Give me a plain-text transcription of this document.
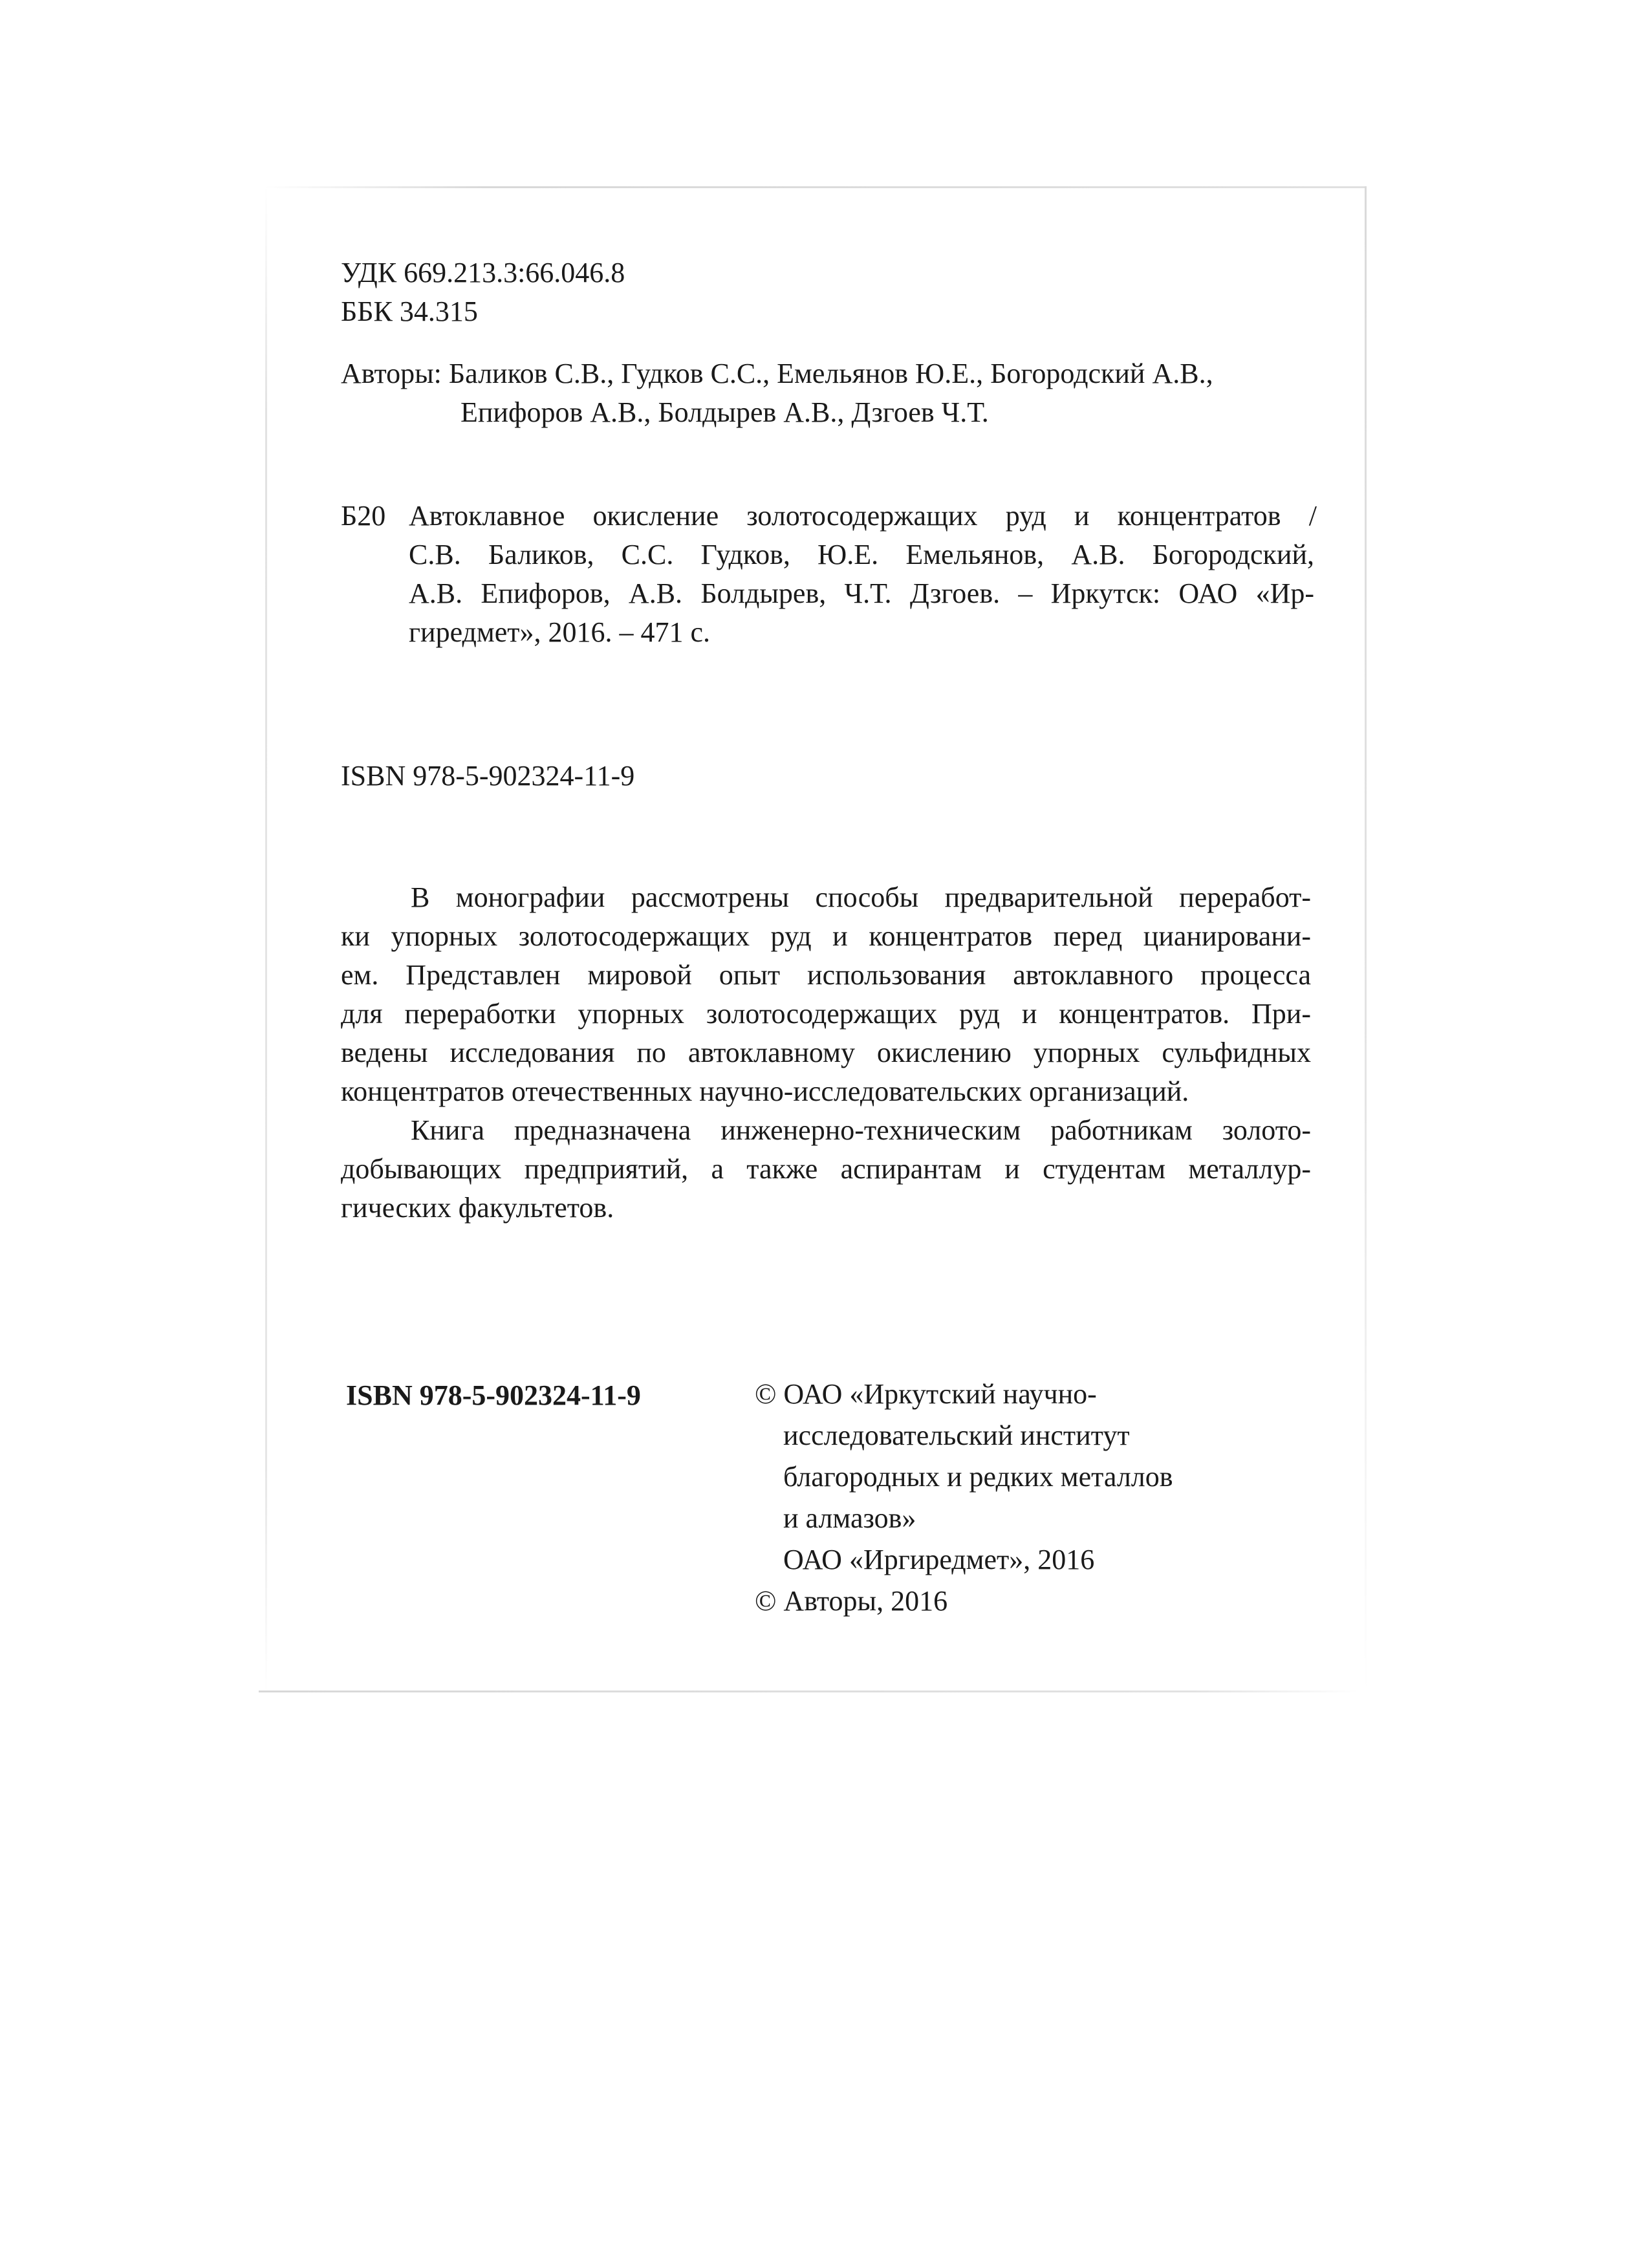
УДК 669.213.3:66.046.8
ББК 34.315
Авторы: Баликов С.В., Гудков С.С., Емельянов Ю.Е., Богородский А.В.,
Епифоров А.В., Болдырев А.В., Дзгоев Ч.Т.
Б20 Автоклавное окисление золотосодержащих руд и концентратов /
С.В. Баликов, С.С. Гудков, Ю.Е. Емельянов, А.В. Богородский,
А.В. Епифоров, А.В. Болдырев, Ч.Т. Дзгоев. – Иркутск: ОАО «Ир-
гиредмет», 2016. – 471 с.
ISBN 978-5-902324-11-9
В монографии рассмотрены способы предварительной переработ-
ки упорных золотосодержащих руд и концентратов перед цианировани-
ем. Представлен мировой опыт использования автоклавного процесса
для переработки упорных золотосодержащих руд и концентратов. При-
ведены исследования по автоклавному окислению упорных сульфидных
концентратов отечественных научно-исследовательских организаций.
Книга предназначена инженерно-техническим работникам золото-
добывающих предприятий, а также аспирантам и студентам металлур-
гических факультетов.
ISBN 978-5-902324-11-9	© ОАО «Иркутский научно-
исследовательский институт
благородных и редких металлов
и алмазов»
ОАО «Иргиредмет», 2016
© Авторы, 2016
